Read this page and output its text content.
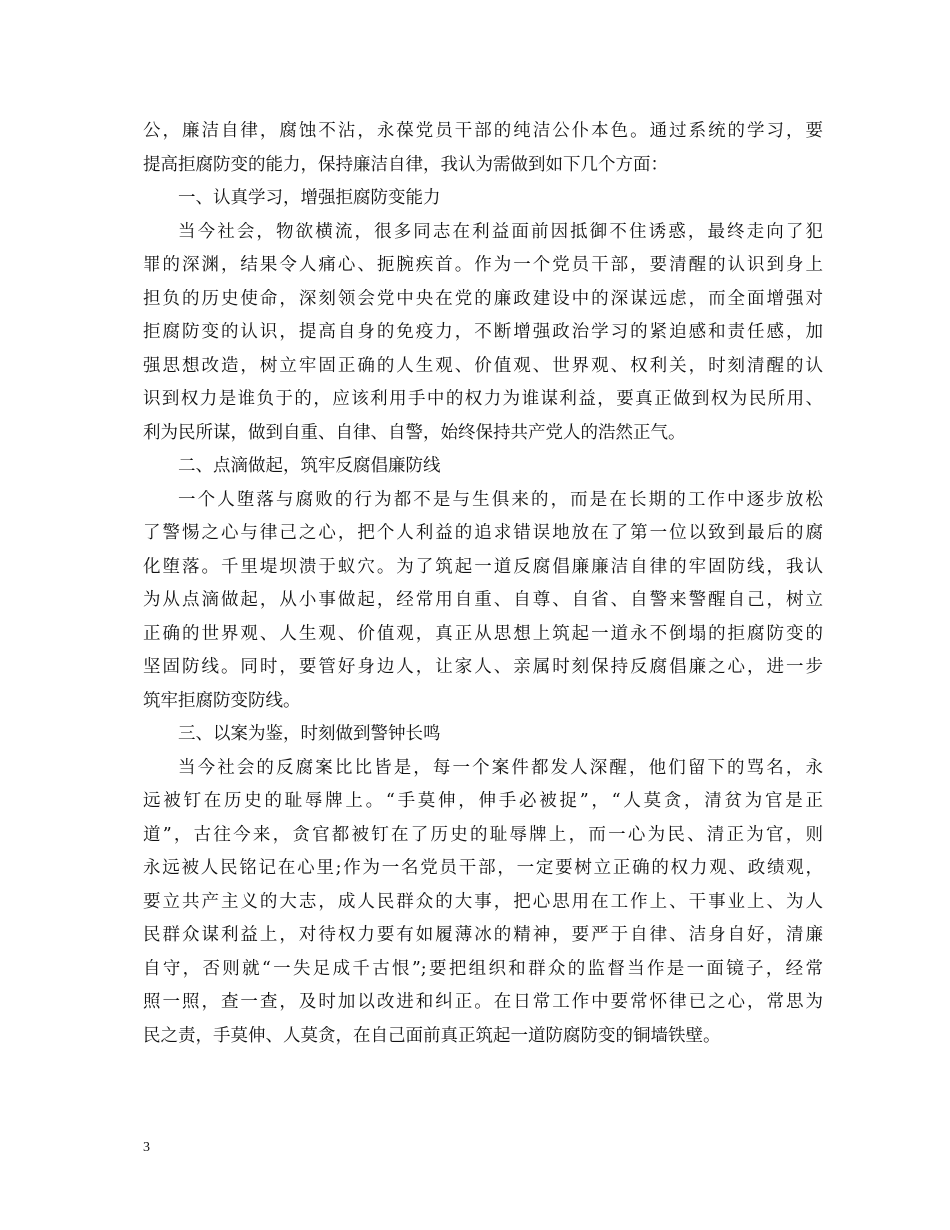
公，廉洁自律，腐蚀不沾，永葆党员干部的纯洁公仆本色。通过系统的学习，要
提高拒腐防变的能力，保持廉洁自律，我认为需做到如下几个方面：
一、认真学习，增强拒腐防变能力
当今社会，物欲横流，很多同志在利益面前因抵御不住诱惑，最终走向了犯
罪的深渊，结果令人痛心、扼腕疾首。作为一个党员干部，要清醒的认识到身上
担负的历史使命，深刻领会党中央在党的廉政建设中的深谋远虑，而全面增强对
拒腐防变的认识，提高自身的免疫力，不断增强政治学习的紧迫感和责任感，加
强思想改造，树立牢固正确的人生观、价值观、世界观、权利关，时刻清醒的认
识到权力是谁负于的，应该利用手中的权力为谁谋利益，要真正做到权为民所用、
利为民所谋，做到自重、自律、自警，始终保持共产党人的浩然正气。
二、点滴做起，筑牢反腐倡廉防线
一个人堕落与腐败的行为都不是与生俱来的，而是在长期的工作中逐步放松
了警惕之心与律己之心，把个人利益的追求错误地放在了第一位以致到最后的腐
化堕落。千里堤坝溃于蚁穴。为了筑起一道反腐倡廉廉洁自律的牢固防线，我认
为从点滴做起，从小事做起，经常用自重、自尊、自省、自警来警醒自己，树立
正确的世界观、人生观、价值观，真正从思想上筑起一道永不倒塌的拒腐防变的
坚固防线。同时，要管好身边人，让家人、亲属时刻保持反腐倡廉之心，进一步
筑牢拒腐防变防线。
三、以案为鉴，时刻做到警钟长鸣
当今社会的反腐案比比皆是，每一个案件都发人深醒，他们留下的骂名，永
远被钉在历史的耻辱牌上。“手莫伸，伸手必被捉”，“人莫贪，清贫为官是正
道”，古往今来，贪官都被钉在了历史的耻辱牌上，而一心为民、清正为官，则
永远被人民铭记在心里;作为一名党员干部，一定要树立正确的权力观、政绩观，
要立共产主义的大志，成人民群众的大事，把心思用在工作上、干事业上、为人
民群众谋利益上，对待权力要有如履薄冰的精神，要严于自律、洁身自好，清廉
自守，否则就“一失足成千古恨”;要把组织和群众的监督当作是一面镜子，经常
照一照，查一查，及时加以改进和纠正。在日常工作中要常怀律已之心，常思为
民之责，手莫伸、人莫贪，在自己面前真正筑起一道防腐防变的铜墙铁壁。
3
